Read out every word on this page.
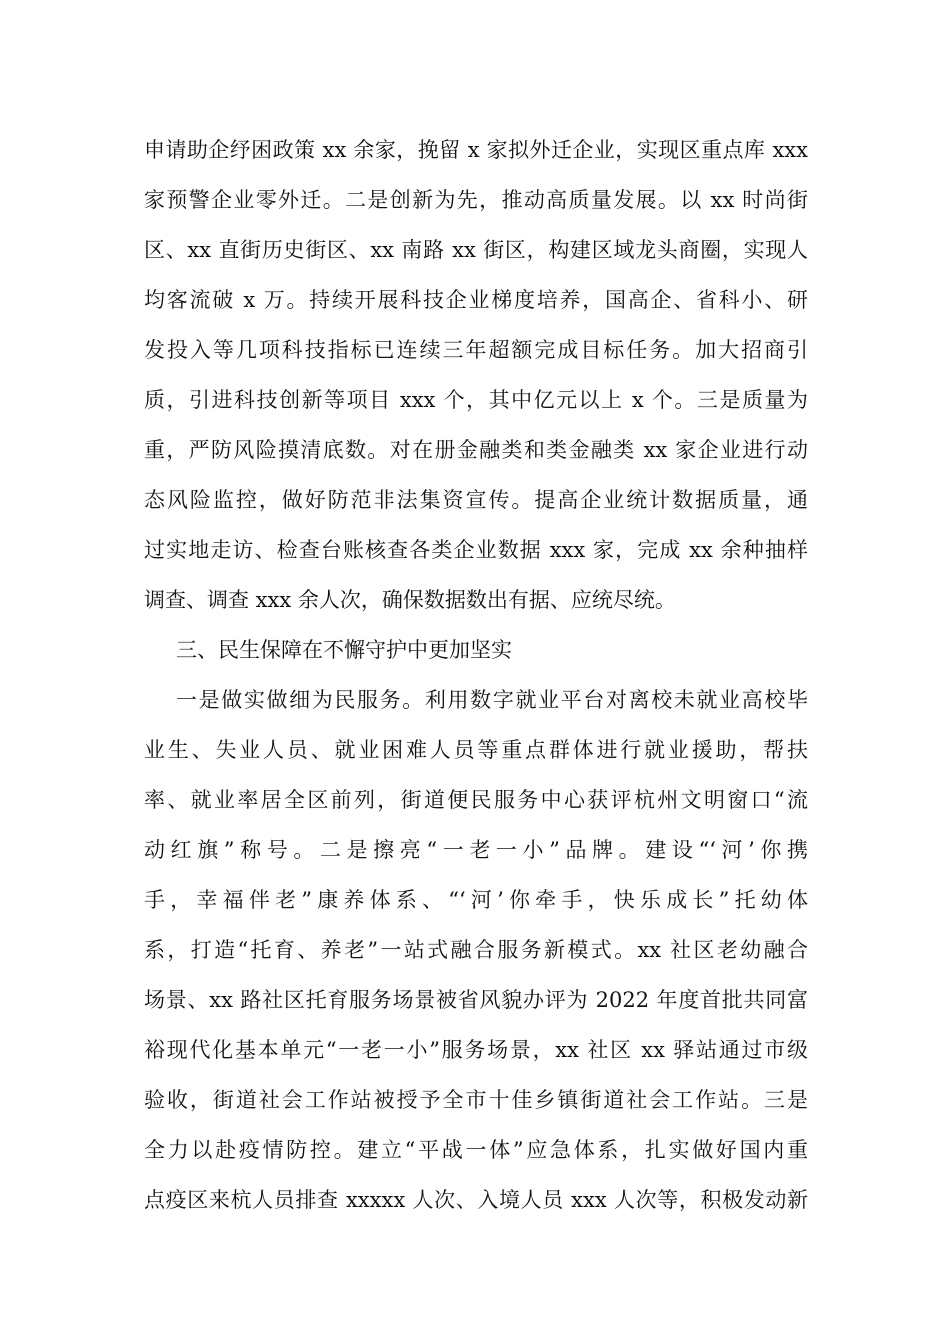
申请助企纾困政策 xx 余家，挽留 x 家拟外迁企业，实现区重点库 xxx
家预警企业零外迁。二是创新为先，推动高质量发展。以 xx 时尚街
区、xx 直街历史街区、xx 南路 xx 街区，构建区域龙头商圈，实现人
均客流破 x 万。持续开展科技企业梯度培养，国高企、省科小、研
发投入等几项科技指标已连续三年超额完成目标任务。加大招商引
质，引进科技创新等项目 xxx 个，其中亿元以上 x 个。三是质量为
重，严防风险摸清底数。对在册金融类和类金融类 xx 家企业进行动
态风险监控，做好防范非法集资宣传。提高企业统计数据质量，通
过实地走访、检查台账核查各类企业数据 xxx 家，完成 xx 余种抽样
调查、调查 xxx 余人次，确保数据数出有据、应统尽统。
三、民生保障在不懈守护中更加坚实
一是做实做细为民服务。利用数字就业平台对离校未就业高校毕
业生、失业人员、就业困难人员等重点群体进行就业援助，帮扶
率、就业率居全区前列，街道便民服务中心获评杭州文明窗口“流
动红旗”称号。二是擦亮“一老一小”品牌。建设“‘河’你携
手，幸福伴老”康养体系、“‘河’你牵手，快乐成长”托幼体
系，打造“托育、养老”一站式融合服务新模式。xx 社区老幼融合
场景、xx 路社区托育服务场景被省风貌办评为 2022 年度首批共同富
裕现代化基本单元“一老一小”服务场景，xx 社区 xx 驿站通过市级
验收，街道社会工作站被授予全市十佳乡镇街道社会工作站。三是
全力以赴疫情防控。建立“平战一体”应急体系，扎实做好国内重
点疫区来杭人员排查 xxxxx 人次、入境人员 xxx 人次等，积极发动新
